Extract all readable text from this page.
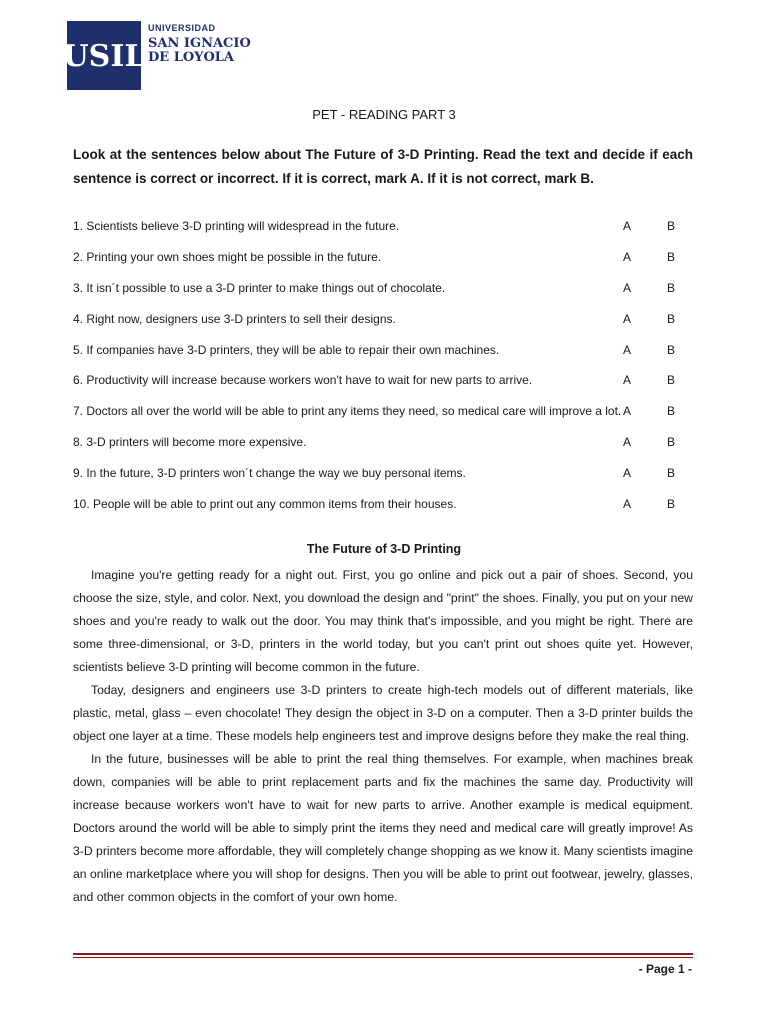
USIL
UNIVERSIDAD
SAN IGNACIO
DE LOYOLA
PET - READING PART 3
Look at the sentences below about The Future of 3-D Printing. Read the text and decide if each sentence is correct or incorrect. If it is correct, mark A. If it is not correct, mark B.
1. Scientists believe 3-D printing will widespread in the future.	A	B
2. Printing your own shoes might be possible in the future.	A	B
3. It isn´t possible to use a 3-D printer to make things out of chocolate.	A	B
4. Right now, designers use 3-D printers to sell their designs.	A	B
5. If companies have 3-D printers, they will be able to repair their own machines.	A	B
6. Productivity will increase because workers won't have to wait for new parts to arrive.	A	B
7. Doctors all over the world will be able to print any items they need, so medical care will improve a lot. A	B
8. 3-D printers will become more expensive.	A	B
9. In the future, 3-D printers won´t change the way we buy personal items.	A	B
10. People will be able to print out any common items from their houses.	A	B
The Future of 3-D Printing

Imagine you're getting ready for a night out. First, you go online and pick out a pair of shoes. Second, you choose the size, style, and color. Next, you download the design and "print" the shoes. Finally, you put on your new shoes and you're ready to walk out the door. You may think that's impossible, and you might be right. There are some three-dimensional, or 3-D, printers in the world today, but you can't print out shoes quite yet. However, scientists believe 3-D printing will become common in the future.

Today, designers and engineers use 3-D printers to create high-tech models out of different materials, like plastic, metal, glass – even chocolate! They design the object in 3-D on a computer. Then a 3-D printer builds the object one layer at a time. These models help engineers test and improve designs before they make the real thing.

In the future, businesses will be able to print the real thing themselves. For example, when machines break down, companies will be able to print replacement parts and fix the machines the same day. Productivity will increase because workers won't have to wait for new parts to arrive. Another example is medical equipment. Doctors around the world will be able to simply print the items they need and medical care will greatly improve! As 3-D printers become more affordable, they will completely change shopping as we know it. Many scientists imagine an online marketplace where you will shop for designs. Then you will be able to print out footwear, jewelry, glasses, and other common objects in the comfort of your own home.

- Page 1 -
